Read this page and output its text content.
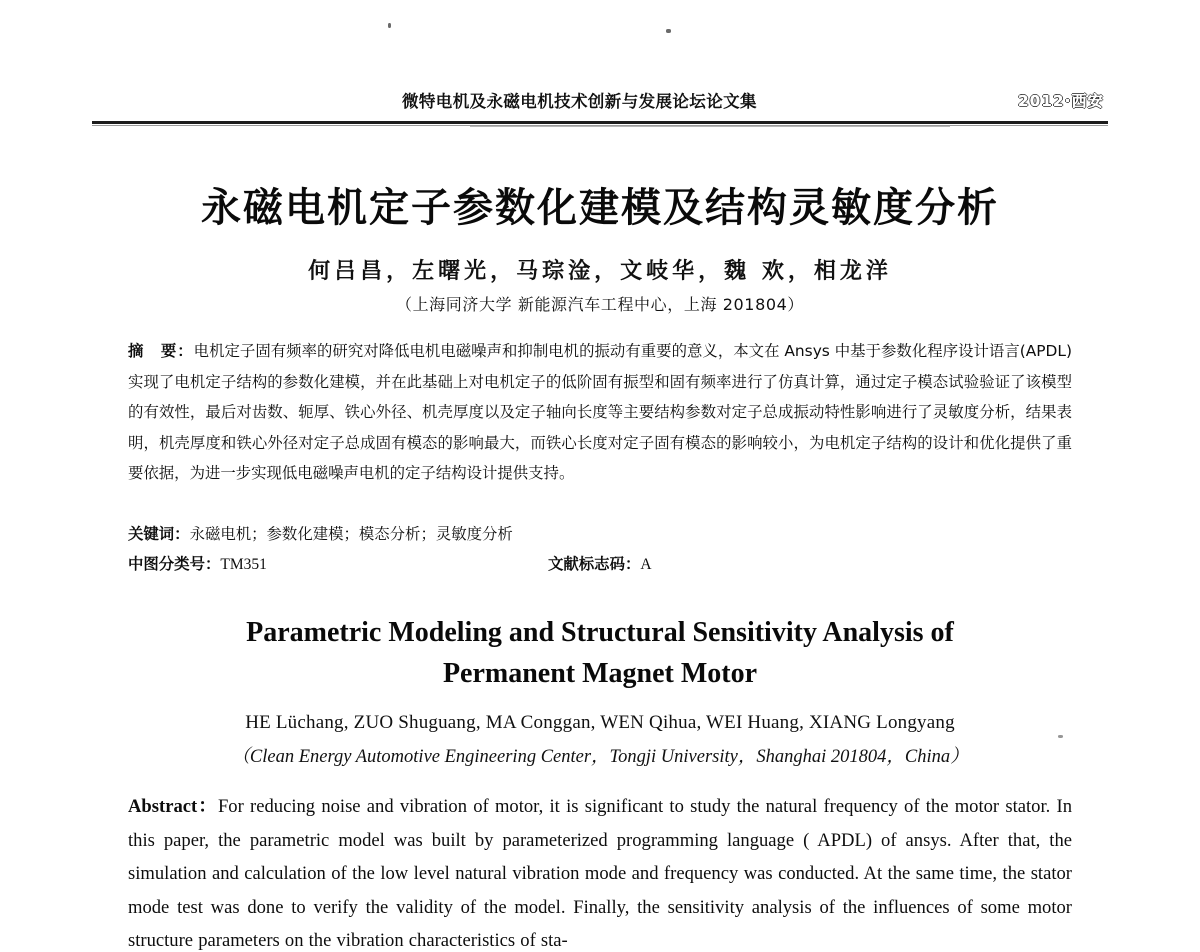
微特电机及永磁电机技术创新与发展论坛论文集	2012·西安
永磁电机定子参数化建模及结构灵敏度分析
何吕昌，左曙光，马琮淦，文岐华，魏 欢，相龙洋
（上海同济大学 新能源汽车工程中心，上海 201804）
摘　要：电机定子固有频率的研究对降低电机电磁噪声和抑制电机的振动有重要的意义，本文在 Ansys 中基于参数化程序设计语言(APDL)实现了电机定子结构的参数化建模，并在此基础上对电机定子的低阶固有振型和固有频率进行了仿真计算，通过定子模态试验验证了该模型的有效性，最后对齿数、轭厚、铁心外径、机壳厚度以及定子轴向长度等主要结构参数对定子总成振动特性影响进行了灵敏度分析，结果表明，机壳厚度和铁心外径对定子总成固有模态的影响最大，而铁心长度对定子固有模态的影响较小，为电机定子结构的设计和优化提供了重要依据，为进一步实现低电磁噪声电机的定子结构设计提供支持。
关键词：永磁电机；参数化建模；模态分析；灵敏度分析
中图分类号：TM351	文献标志码：A
Parametric Modeling and Structural Sensitivity Analysis of
Permanent Magnet Motor
HE Lüchang, ZUO Shuguang, MA Conggan, WEN Qihua, WEI Huang, XIANG Longyang
（Clean Energy Automotive Engineering Center，Tongji University，Shanghai 201804，China）
Abstract：For reducing noise and vibration of motor, it is significant to study the natural frequency of the motor stator. In this paper, the parametric model was built by parameterized programming language ( APDL) of ansys. After that, the simulation and calculation of the low level natural vibration mode and frequency was conducted. At the same time, the stator mode test was done to verify the validity of the model. Finally, the sensitivity analysis of the influences of some motor structure parameters on the vibration characteristics of sta-
